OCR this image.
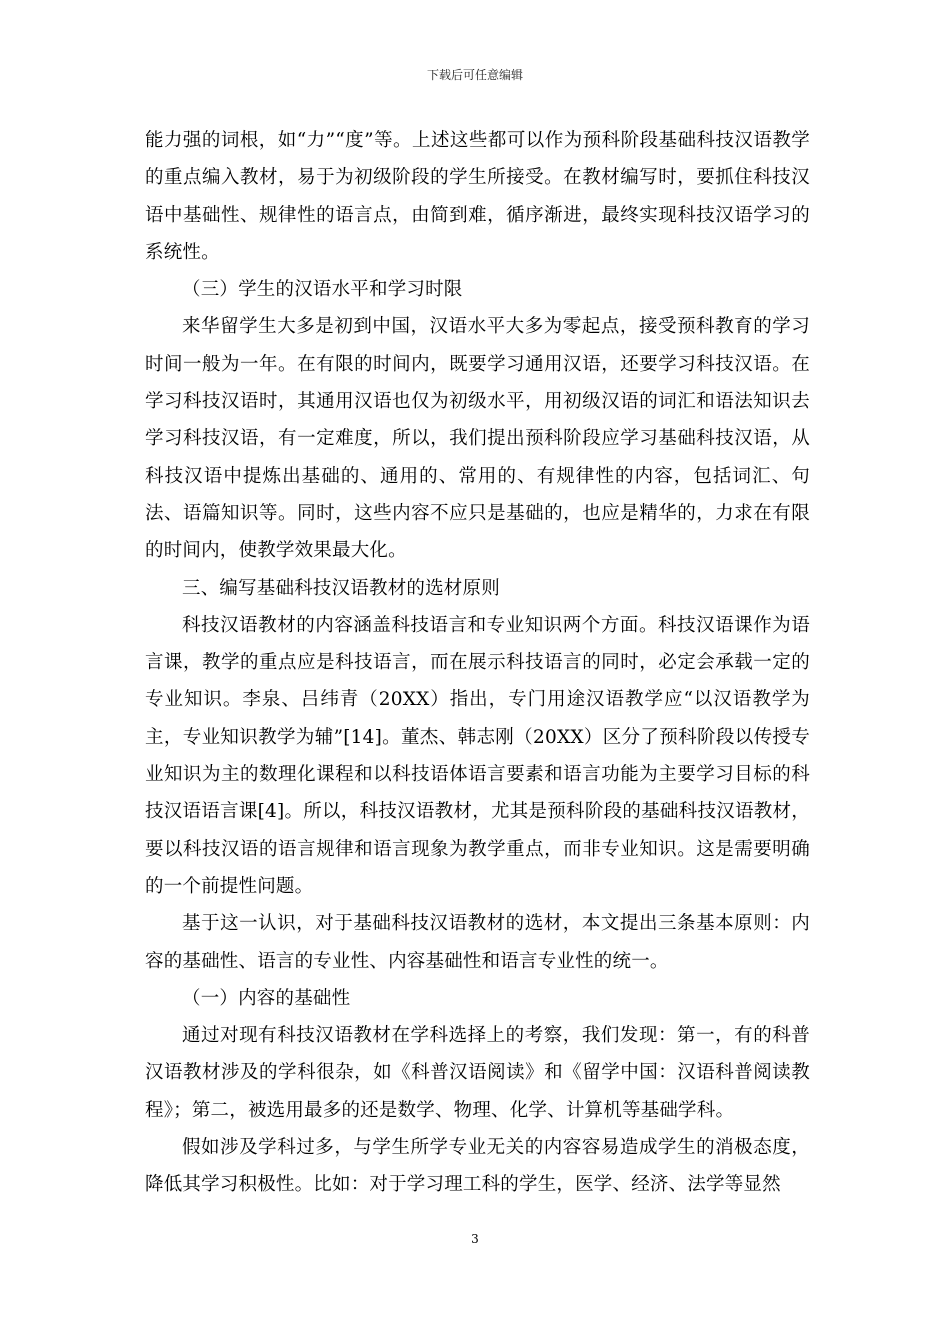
下载后可任意编辑

能力强的词根，如“力”“度”等。上述这些都可以作为预科阶段基础科技汉语教学的重点编入教材，易于为初级阶段的学生所接受。在教材编写时，要抓住科技汉语中基础性、规律性的语言点，由简到难，循序渐进，最终实现科技汉语学习的系统性。

（三）学生的汉语水平和学习时限

来华留学生大多是初到中国，汉语水平大多为零起点，接受预科教育的学习时间一般为一年。在有限的时间内，既要学习通用汉语，还要学习科技汉语。在学习科技汉语时，其通用汉语也仅为初级水平，用初级汉语的词汇和语法知识去学习科技汉语，有一定难度，所以，我们提出预科阶段应学习基础科技汉语，从科技汉语中提炼出基础的、通用的、常用的、有规律性的内容，包括词汇、句法、语篇知识等。同时，这些内容不应只是基础的，也应是精华的，力求在有限的时间内，使教学效果最大化。

三、编写基础科技汉语教材的选材原则

科技汉语教材的内容涵盖科技语言和专业知识两个方面。科技汉语课作为语言课，教学的重点应是科技语言，而在展示科技语言的同时，必定会承载一定的专业知识。李泉、吕纬青（20XX）指出，专门用途汉语教学应“以汉语教学为主，专业知识教学为辅”[14]。董杰、韩志刚（20XX）区分了预科阶段以传授专业知识为主的数理化课程和以科技语体语言要素和语言功能为主要学习目标的科技汉语语言课[4]。所以，科技汉语教材，尤其是预科阶段的基础科技汉语教材，要以科技汉语的语言规律和语言现象为教学重点，而非专业知识。这是需要明确的一个前提性问题。

基于这一认识，对于基础科技汉语教材的选材，本文提出三条基本原则：内容的基础性、语言的专业性、内容基础性和语言专业性的统一。

（一）内容的基础性

通过对现有科技汉语教材在学科选择上的考察，我们发现：第一，有的科普汉语教材涉及的学科很杂，如《科普汉语阅读》和《留学中国：汉语科普阅读教程》；第二，被选用最多的还是数学、物理、化学、计算机等基础学科。

假如涉及学科过多，与学生所学专业无关的内容容易造成学生的消极态度，降低其学习积极性。比如：对于学习理工科的学生，医学、经济、法学等显然

3
